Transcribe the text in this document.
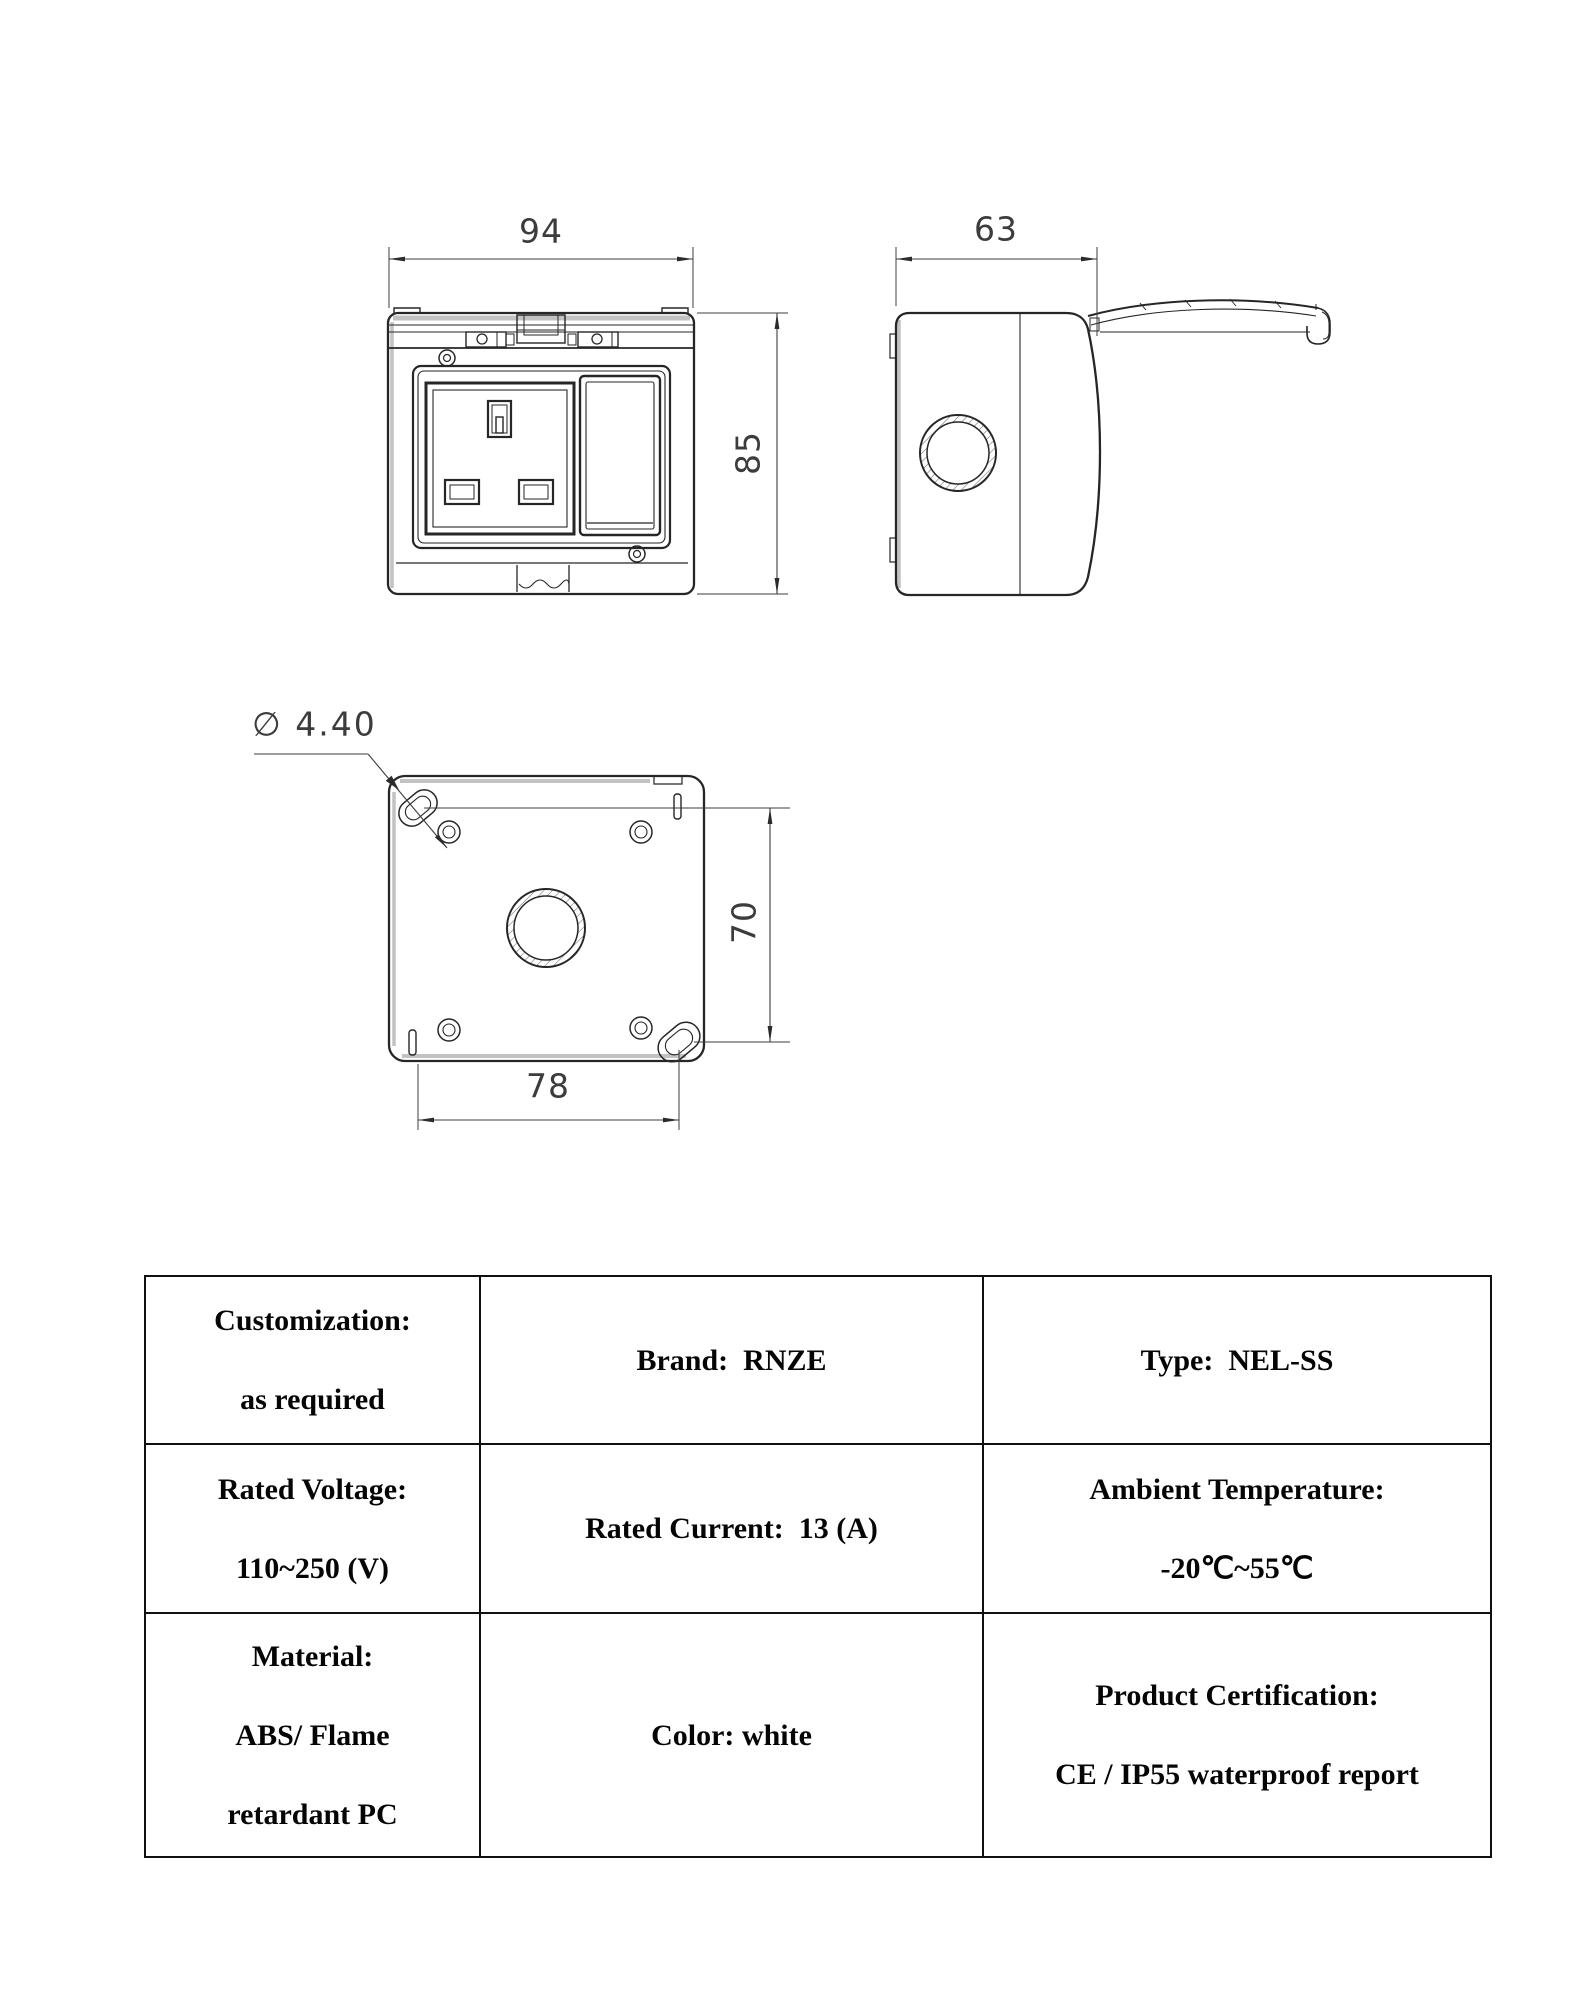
94	63
85
∅ 4.40
70
78
Customization:
as required
Brand:  RNZE	Type:  NEL-SS
Rated Voltage:
110~250 (V)
Rated Current:  13 (A)
Ambient Temperature:
-20℃~55℃
Material:
ABS/ Flame
retardant PC
Color: white
Product Certification:
CE / IP55 waterproof report
